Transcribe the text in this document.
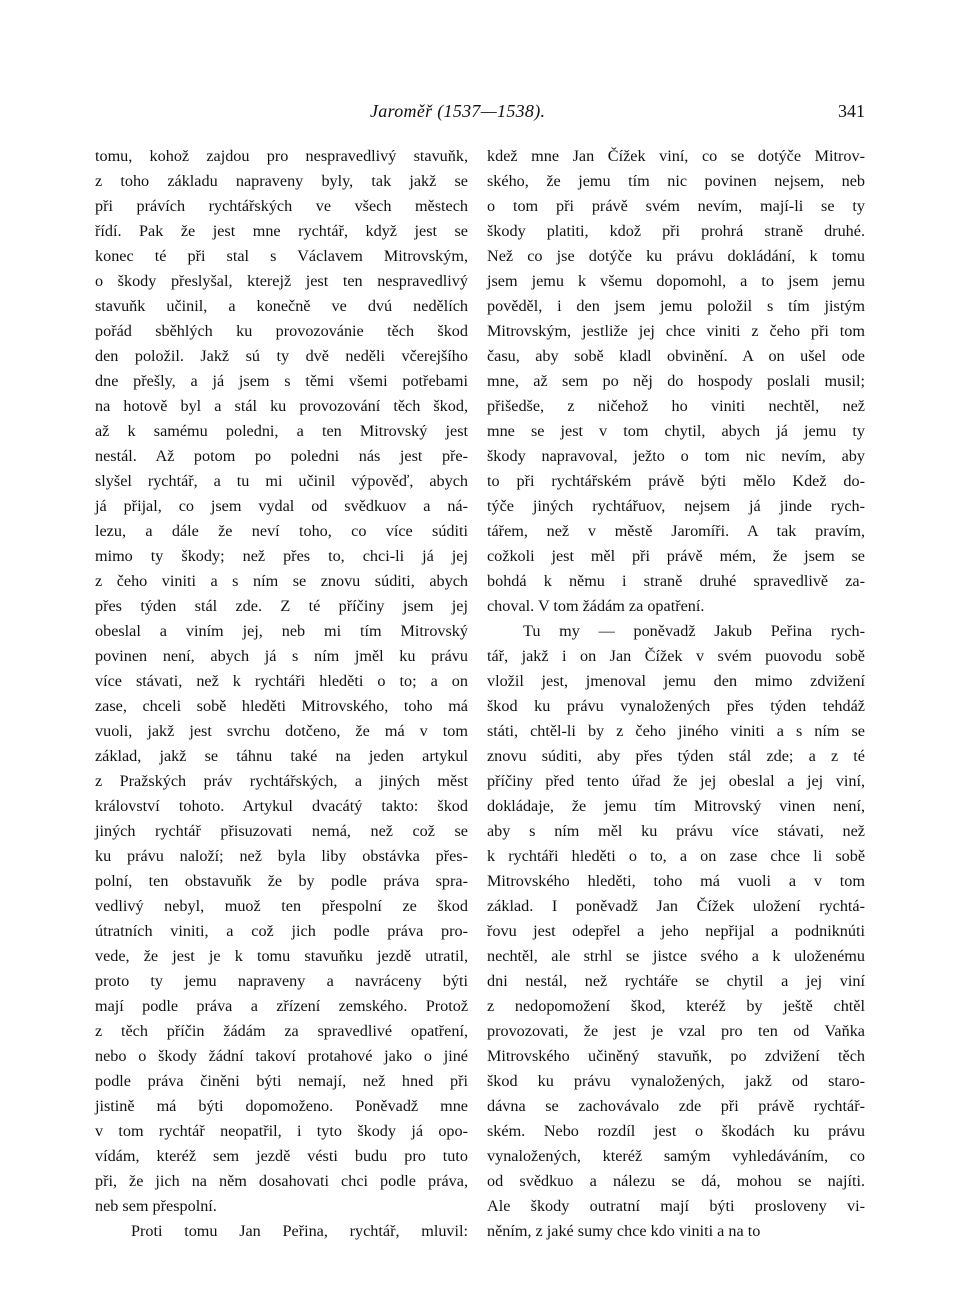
Jaroměř (1537—1538).	341
tomu, kohož zajdou pro nespravedlivý stavuňk,
z toho základu napraveny byly, tak jakž se
při právích rychtářských ve všech městech
řídí. Pak že jest mne rychtář, když jest se
konec té při stal s Václavem Mitrovským,
o škody přeslyšal, kterejž jest ten nespravedlivý
stavuňk učinil, a konečně ve dvú nedělích
pořád sběhlých ku provozovánie těch škod
den položil. Jakž sú ty dvě neděli včerejšího
dne přešly, a já jsem s těmi všemi potřebami
na hotově byl a stál ku provozování těch škod,
až k samému poledni, a ten Mitrovský jest
nestál. Až potom po poledni nás jest pře-
slyšel rychtář, a tu mi učinil výpověď, abych
já přijal, co jsem vydal od svědkuov a ná-
lezu, a dále že neví toho, co více súditi
mimo ty škody; než přes to, chci-li já jej
z čeho viniti a s ním se znovu súditi, abych
přes týden stál zde. Z té příčiny jsem jej
obeslal a viním jej, neb mi tím Mitrovský
povinen není, abych já s ním jměl ku právu
více stávati, než k rychtáři hleděti o to; a on
zase, chceli sobě hleděti Mitrovského, toho má
vuoli, jakž jest svrchu dotčeno, že má v tom
základ, jakž se táhnu také na jeden artykul
z Pražských práv rychtářských, a jiných měst
království tohoto. Artykul dvacátý takto: škod
jiných rychtář přisuzovati nemá, než což se
ku právu naloží; než byla liby obstávka přes-
polní, ten obstavuňk že by podle práva spra-
vedlivý nebyl, muož ten přespolní ze škod
útratních viniti, a což jich podle práva pro-
vede, že jest je k tomu stavuňku jezdě utratil,
proto ty jemu napraveny a navráceny býti
mají podle práva a zřízení zemského. Protož
z těch příčin žádám za spravedlivé opatření,
nebo o škody žádní takoví protahové jako o jiné
podle práva činěni býti nemají, než hned při
jistině má býti dopomoženo. Poněvadž mne
v tom rychtář neopatřil, i tyto škody já opo-
vídám, kteréž sem jezdě vésti budu pro tuto
při, že jich na něm dosahovati chci podle práva,
neb sem přespolní.
Proti tomu Jan Peřina, rychtář, mluvil:
kdež mne Jan Čížek viní, co se dotýče Mitrov-
ského, že jemu tím nic povinen nejsem, neb
o tom při právě svém nevím, mají-li se ty
škody platiti, kdož při prohrá straně druhé.
Než co jse dotýče ku právu dokládání, k tomu
jsem jemu k všemu dopomohl, a to jsem jemu
pověděl, i den jsem jemu položil s tím jistým
Mitrovským, jestliže jej chce viniti z čeho při tom
času, aby sobě kladl obvinění. A on ušel ode
mne, až sem po něj do hospody poslali musil;
přišedše, z ničehož ho viniti nechtěl, než
mne se jest v tom chytil, abych já jemu ty
škody napravoval, ježto o tom nic nevím, aby
to při rychtářském právě býti mělo Kdež do-
týče jiných rychtářuov, nejsem já jinde rych-
tářem, než v městě Jaromíři. A tak pravím,
cožkoli jest měl při právě mém, že jsem se
bohdá k němu i straně druhé spravedlivě za-
choval. V tom žádám za opatření.
Tu my — poněvadž Jakub Peřina rych-
tář, jakž i on Jan Čížek v svém puovodu sobě
vložil jest, jmenoval jemu den mimo zdvižení
škod ku právu vynaložených přes týden tehdáž
státi, chtěl-li by z čeho jiného viniti a s ním se
znovu súditi, aby přes týden stál zde; a z té
příčiny před tento úřad že jej obeslal a jej viní,
dokládaje, že jemu tím Mitrovský vinen není,
aby s ním měl ku právu více stávati, než
k rychtáři hleděti o to, a on zase chce li sobě
Mitrovského hleděti, toho má vuoli a v tom
základ. I poněvadž Jan Čížek uložení rychtá-
řovu jest odepřel a jeho nepřijal a podniknúti
nechtěl, ale strhl se jistce svého a k uloženému
dni nestál, než rychtáře se chytil a jej viní
z nedopomožení škod, kteréž by ještě chtěl
provozovati, že jest je vzal pro ten od Vaňka
Mitrovského učiněný stavuňk, po zdvižení těch
škod ku právu vynaložených, jakž od staro-
dávna se zachovávalo zde při právě rychtář-
ském. Nebo rozdíl jest o škodách ku právu
vynaložených, kteréž samým vyhledáváním, co
od svědkuo a nálezu se dá, mohou se najíti.
Ale škody outratní mají býti prosloveny vi-
něním, z jaké sumy chce kdo viniti a na to
